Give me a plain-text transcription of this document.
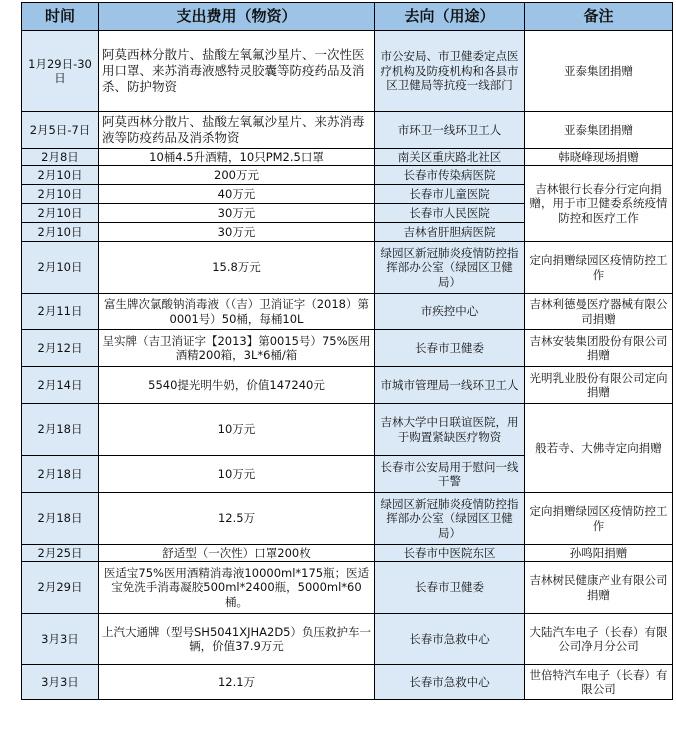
时间	支出费用（物资）	去向（用途）	备注
1月29日-30日	阿莫西林分散片、盐酸左氧氟沙星片、一次性医用口罩、来苏消毒液感特灵胶囊等防疫药品及消杀、防护物资	市公安局、市卫健委定点医疗机构及防疫机构和各县市区卫健局等抗疫一线部门	亚泰集团捐赠
2月5日-7日	阿莫西林分散片、盐酸左氧氟沙星片、来苏消毒液等防疫药品及消杀物资	市环卫一线环卫工人	亚泰集团捐赠
2月8日	10桶4.5升酒精，10只PM2.5口罩	南关区重庆路北社区	韩晓峰现场捐赠
2月10日	200万元	长春市传染病医院	吉林银行长春分行定向捐赠，用于市卫健委系统疫情防控和医疗工作
2月10日	40万元	长春市儿童医院	
2月10日	30万元	长春市人民医院	
2月10日	30万元	吉林省肝胆病医院	
2月10日	15.8万元	绿园区新冠肺炎疫情防控指挥部办公室（绿园区卫健局）	定向捐赠绿园区疫情防控工作
2月11日	富生牌次氯酸钠消毒液（（吉）卫消证字（2018）第0001号）50桶，每桶10L	市疾控中心	吉林利德曼医疗器械有限公司捐赠
2月12日	呈实牌（吉卫消证字【2013】第0015号）75%医用酒精200箱，3L*6桶/箱	长春市卫健委	吉林安装集团股份有限公司捐赠
2月14日	5540提光明牛奶，价值147240元	市城市管理局一线环卫工人	光明乳业股份有限公司定向捐赠
2月18日	10万元	吉林大学中日联谊医院，用于购置紧缺医疗物资	般若寺、大佛寺定向捐赠
2月18日	10万元	长春市公安局用于慰问一线干警	
2月18日	12.5万	绿园区新冠肺炎疫情防控指挥部办公室（绿园区卫健局）	定向捐赠绿园区疫情防控工作
2月25日	舒适型（一次性）口罩200枚	长春市中医院东区	孙鸣阳捐赠
2月29日	医适宝75%医用酒精消毒液10000ml*175瓶；医适宝免洗手消毒凝胶500ml*2400瓶，5000ml*60桶。	长春市卫健委	吉林树民健康产业有限公司捐赠
3月3日	上汽大通牌（型号SH5041XJHA2D5）负压救护车一辆，价值37.9万元	长春市急救中心	大陆汽车电子（长春）有限公司净月分公司
3月3日	12.1万	长春市急救中心	世倍特汽车电子（长春）有限公司
